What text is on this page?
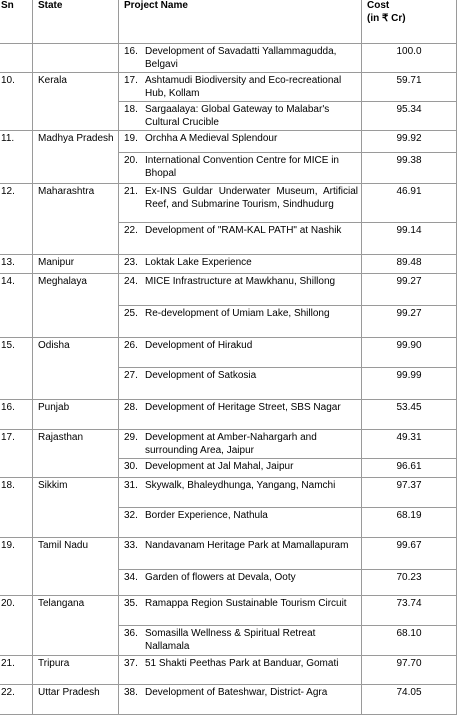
Sn	State	Project Name	Cost
(in ₹ Cr)

		16. Development of Savadatti Yallammagudda, Belgavi	100.0
10.	Kerala	17. Ashtamudi Biodiversity and Eco-recreational Hub, Kollam	59.71

		18. Sargaalaya: Global Gateway to Malabar's Cultural Crucible	95.34
11.	Madhya Pradesh	19. Orchha A Medieval Splendour	99.92

		20. International Convention Centre for MICE in Bhopal	99.38
12.	Maharashtra	21. Ex-INS Guldar Underwater Museum, Artificial Reef, and Submarine Tourism, Sindhudurg	46.91

		22. Development of "RAM-KAL PATH" at Nashik	99.14
13.	Manipur	23. Loktak Lake Experience	89.48
14.	Meghalaya	24. MICE Infrastructure at Mawkhanu, Shillong	99.27

		25. Re-development of Umiam Lake, Shillong	99.27
15.	Odisha	26. Development of Hirakud	99.90

		27. Development of Satkosia	99.99
16.	Punjab	28. Development of Heritage Street, SBS Nagar	53.45
17.	Rajasthan	29. Development at Amber-Nahargarh and surrounding Area, Jaipur	49.31

		30. Development at Jal Mahal, Jaipur	96.61
18.	Sikkim	31. Skywalk, Bhaleydhunga, Yangang, Namchi	97.37

		32. Border Experience, Nathula	68.19
19.	Tamil Nadu	33. Nandavanam Heritage Park at Mamallapuram	99.67

		34. Garden of flowers at Devala, Ooty	70.23
20.	Telangana	35. Ramappa Region Sustainable Tourism Circuit	73.74

		36. Somasilla Wellness & Spiritual Retreat Nallamala	68.10
21.	Tripura	37. 51 Shakti Peethas Park at Banduar, Gomati	97.70
22.	Uttar Pradesh	38. Development of Bateshwar, District- Agra	74.05
